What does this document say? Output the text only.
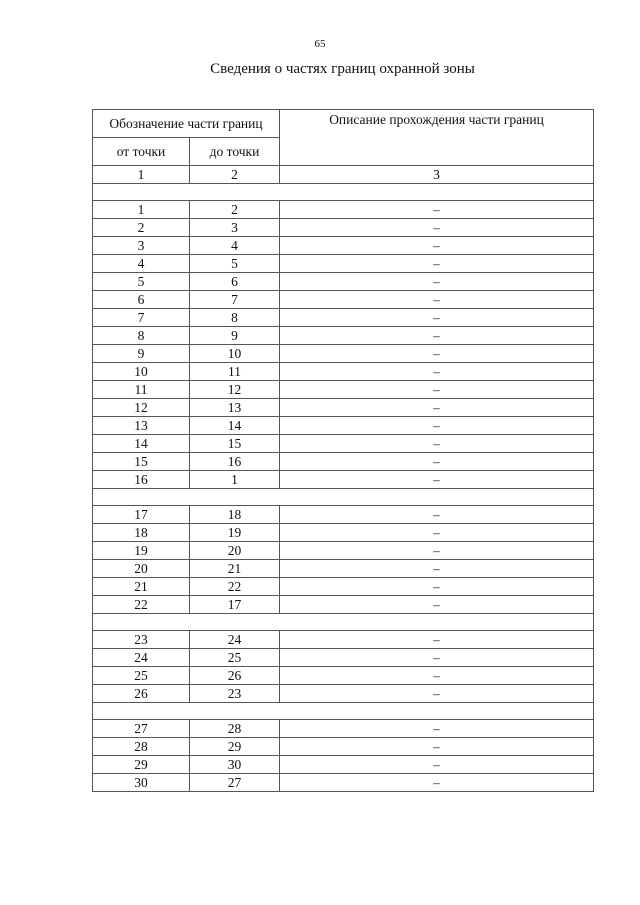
65
Сведения о частях границ охранной зоны
Обозначение части границ		Описание прохождения части границ
от точки	до точки	
1	2	3

1	2	–
2	3	–
3	4	–
4	5	–
5	6	–
6	7	–
7	8	–
8	9	–
9	10	–
10	11	–
11	12	–
12	13	–
13	14	–
14	15	–
15	16	–
16	1	–

17	18	–
18	19	–
19	20	–
20	21	–
21	22	–
22	17	–

23	24	–
24	25	–
25	26	–
26	23	–

27	28	–
28	29	–
29	30	–
30	27	–
